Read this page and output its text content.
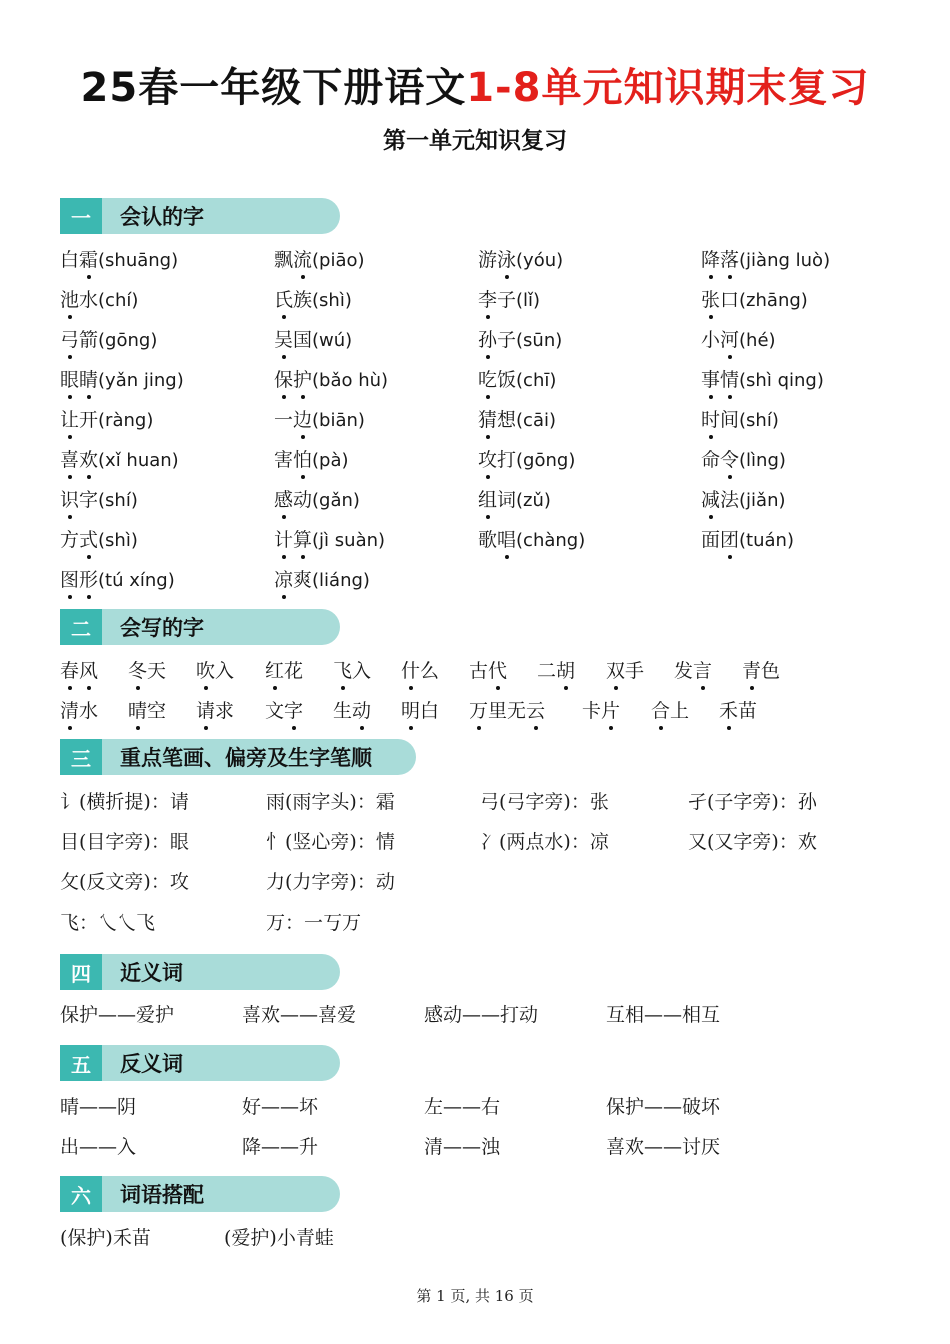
25春一年级下册语文1-8单元知识期末复习
第一单元知识复习
一	会认的字
二	会写的字
三	重点笔画、偏旁及生字笔顺
四	近义词
五	反义词
六	词语搭配
白霜(shuāng)	飘流(piāo)	游泳(yóu)	降落(jiàng luò)
池水(chí)	氏族(shì)	李子(lǐ)	张口(zhāng)
弓箭(gōng)	吴国(wú)	孙子(sūn)	小河(hé)
眼睛(yǎn jing)	保护(bǎo hù)	吃饭(chī)	事情(shì qing)
让开(ràng)	一边(biān)	猜想(cāi)	时间(shí)
喜欢(xǐ huan)	害怕(pà)	攻打(gōng)	命令(lìng)
识字(shí)	感动(gǎn)	组词(zǔ)	减法(jiǎn)
方式(shì)	计算(jì suàn)	歌唱(chàng)	面团(tuán)
图形(tú xíng)	凉爽(liáng)
春风 冬天 吹入 红花 飞入 什么 古代 二胡 双手 发言 青色
清水 晴空 请求 文字 生动 明白 万里无云 卡片 合上 禾苗
讠(横折提)：请	雨(雨字头)：霜	弓(弓字旁)：张	孑(子字旁)：孙
目(目字旁)：眼	忄(竖心旁)：情	冫(两点水)：凉	又(又字旁)：欢
攵(反文旁)：攻	力(力字旁)：动
飞：乀乀飞	万：一丂万
保护——爱护	喜欢——喜爱	感动——打动	互相——相互
晴——阴	好——坏	左——右	保护——破坏
出——入	降——升	清——浊	喜欢——讨厌
(保护)禾苗	(爱护)小青蛙
第 1 页, 共 16 页
